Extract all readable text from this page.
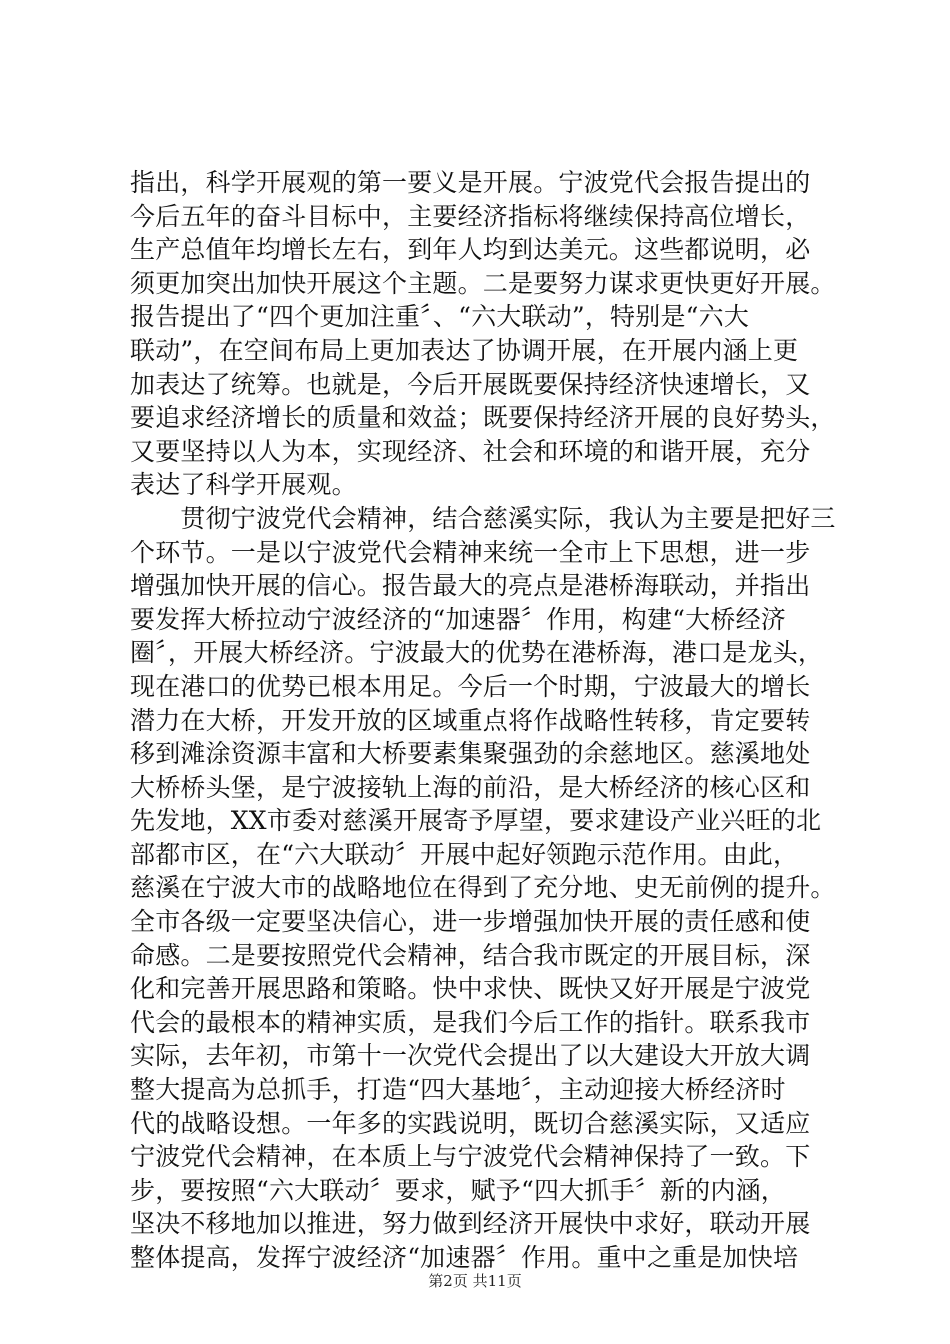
指出，科学开展观的第一要义是开展。宁波党代会报告提出的
今后五年的奋斗目标中，主要经济指标将继续保持高位增长，
生产总值年均增长左右，到年人均到达美元。这些都说明，必
须更加突出加快开展这个主题。二是要努力谋求更快更好开展。
报告提出了“四个更加注重〞、“六大联动”，特别是“六大
联动”，在空间布局上更加表达了协调开展，在开展内涵上更
加表达了统筹。也就是，今后开展既要保持经济快速增长，又
要追求经济增长的质量和效益；既要保持经济开展的良好势头，
又要坚持以人为本，实现经济、社会和环境的和谐开展，充分
表达了科学开展观。
　　贯彻宁波党代会精神，结合慈溪实际，我认为主要是把好三
个环节。一是以宁波党代会精神来统一全市上下思想，进一步
增强加快开展的信心。报告最大的亮点是港桥海联动，并指出
要发挥大桥拉动宁波经济的“加速器〞作用，构建“大桥经济
圈〞，开展大桥经济。宁波最大的优势在港桥海，港口是龙头，
现在港口的优势已根本用足。今后一个时期，宁波最大的增长
潜力在大桥，开发开放的区域重点将作战略性转移，肯定要转
移到滩涂资源丰富和大桥要素集聚强劲的余慈地区。慈溪地处
大桥桥头堡，是宁波接轨上海的前沿，是大桥经济的核心区和
先发地，XX市委对慈溪开展寄予厚望，要求建设产业兴旺的北
部都市区，在“六大联动〞开展中起好领跑示范作用。由此，
慈溪在宁波大市的战略地位在得到了充分地、史无前例的提升。
全市各级一定要坚决信心，进一步增强加快开展的责任感和使
命感。二是要按照党代会精神，结合我市既定的开展目标，深
化和完善开展思路和策略。快中求快、既快又好开展是宁波党
代会的最根本的精神实质，是我们今后工作的指针。联系我市
实际，去年初，市第十一次党代会提出了以大建设大开放大调
整大提高为总抓手，打造“四大基地〞，主动迎接大桥经济时
代的战略设想。一年多的实践说明，既切合慈溪实际，又适应
宁波党代会精神，在本质上与宁波党代会精神保持了一致。下
步，要按照“六大联动〞要求，赋予“四大抓手〞新的内涵，
坚决不移地加以推进，努力做到经济开展快中求好，联动开展
整体提高，发挥宁波经济“加速器〞作用。重中之重是加快培
第2页 共11页
